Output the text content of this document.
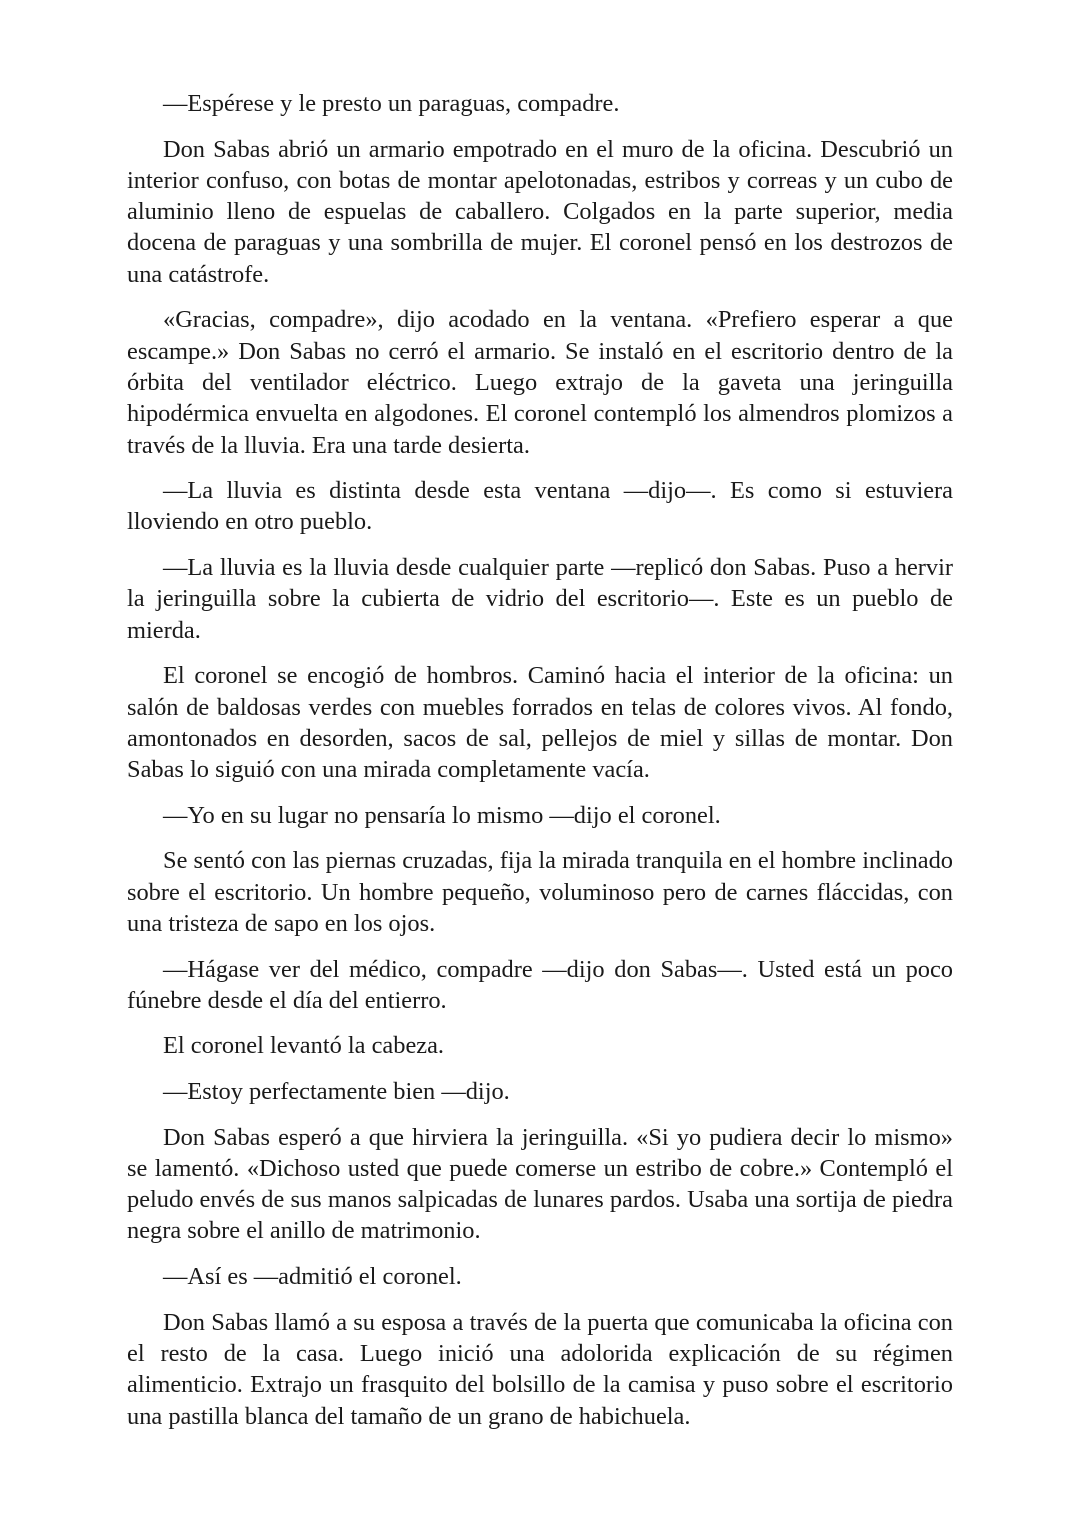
—Espérese y le presto un paraguas, compadre.

Don Sabas abrió un armario empotrado en el muro de la oficina. Descubrió un interior confuso, con botas de montar apelotonadas, estribos y correas y un cubo de aluminio lleno de espuelas de caballero. Colgados en la parte superior, media docena de paraguas y una sombrilla de mujer. El coronel pensó en los destrozos de una catástrofe.

«Gracias, compadre», dijo acodado en la ventana. «Prefiero esperar a que escampe.» Don Sabas no cerró el armario. Se instaló en el escritorio dentro de la órbita del ventilador eléctrico. Luego extrajo de la gaveta una jeringuilla hipodérmica envuelta en algodones. El coronel contempló los almendros plomizos a través de la lluvia. Era una tarde desierta.

—La lluvia es distinta desde esta ventana —dijo—. Es como si estuviera lloviendo en otro pueblo.

—La lluvia es la lluvia desde cualquier parte —replicó don Sabas. Puso a hervir la jeringuilla sobre la cubierta de vidrio del escritorio—. Este es un pueblo de mierda.

El coronel se encogió de hombros. Caminó hacia el interior de la oficina: un salón de baldosas verdes con muebles forrados en telas de colores vivos. Al fondo, amontonados en desorden, sacos de sal, pellejos de miel y sillas de montar. Don Sabas lo siguió con una mirada completamente vacía.

—Yo en su lugar no pensaría lo mismo —dijo el coronel.

Se sentó con las piernas cruzadas, fija la mirada tranquila en el hombre inclinado sobre el escritorio. Un hombre pequeño, voluminoso pero de carnes fláccidas, con una tristeza de sapo en los ojos.

—Hágase ver del médico, compadre —dijo don Sabas—. Usted está un poco fúnebre desde el día del entierro.

El coronel levantó la cabeza.

—Estoy perfectamente bien —dijo.

Don Sabas esperó a que hirviera la jeringuilla. «Si yo pudiera decir lo mismo» se lamentó. «Dichoso usted que puede comerse un estribo de cobre.» Contempló el peludo envés de sus manos salpicadas de lunares pardos. Usaba una sortija de piedra negra sobre el anillo de matrimonio.

—Así es —admitió el coronel.

Don Sabas llamó a su esposa a través de la puerta que comunicaba la oficina con el resto de la casa. Luego inició una adolorida explicación de su régimen alimenticio. Extrajo un frasquito del bolsillo de la camisa y puso sobre el escritorio una pastilla blanca del tamaño de un grano de habichuela.
